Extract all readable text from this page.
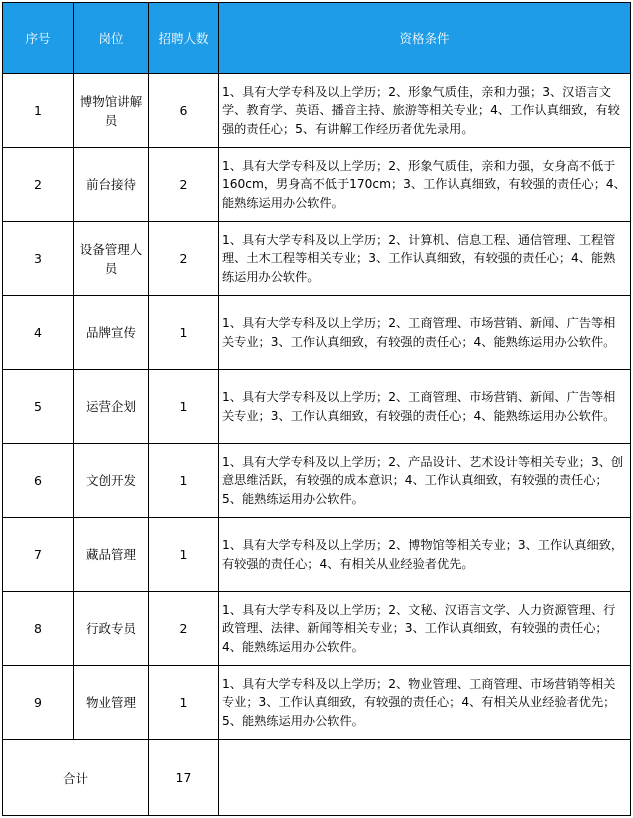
序号	岗位	招聘人数	资格条件
1	博物馆讲解员	6	1、具有大学专科及以上学历；2、形象气质佳，亲和力强；3、汉语言文学、教育学、英语、播音主持、旅游等相关专业；4、工作认真细致，有较强的责任心；5、有讲解工作经历者优先录用。
2	前台接待	2	1、具有大学专科及以上学历；2、形象气质佳，亲和力强，女身高不低于160cm，男身高不低于170cm；3、工作认真细致，有较强的责任心；4、能熟练运用办公软件。
3	设备管理人员	2	1、具有大学专科及以上学历；2、计算机、信息工程、通信管理、工程管理、土木工程等相关专业；3、工作认真细致，有较强的责任心；4、能熟练运用办公软件。
4	品牌宣传	1	1、具有大学专科及以上学历；2、工商管理、市场营销、新闻、广告等相关专业；3、工作认真细致，有较强的责任心；4、能熟练运用办公软件。
5	运营企划	1	1、具有大学专科及以上学历；2、工商管理、市场营销、新闻、广告等相关专业；3、工作认真细致，有较强的责任心；4、能熟练运用办公软件。
6	文创开发	1	1、具有大学专科及以上学历；2、产品设计、艺术设计等相关专业；3、创意思维活跃，有较强的成本意识；4、工作认真细致，有较强的责任心；5、能熟练运用办公软件。
7	藏品管理	1	1、具有大学专科及以上学历；2、博物馆等相关专业；3、工作认真细致，有较强的责任心；4、有相关从业经验者优先。
8	行政专员	2	1、具有大学专科及以上学历；2、文秘、汉语言文学、人力资源管理、行政管理、法律、新闻等相关专业；3、工作认真细致，有较强的责任心；4、能熟练运用办公软件。
9	物业管理	1	1、具有大学专科及以上学历；2、物业管理、工商管理、市场营销等相关专业；3、工作认真细致，有较强的责任心；4、有相关从业经验者优先；5、能熟练运用办公软件。
合计		17	
